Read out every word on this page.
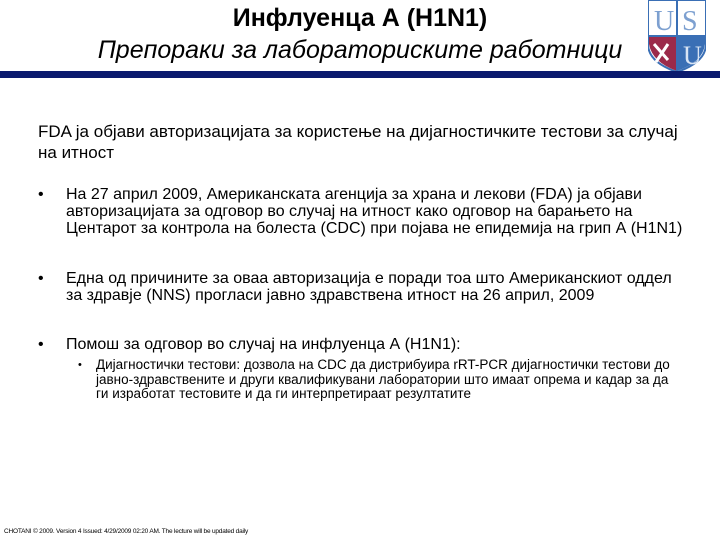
Инфлуенца А (H1N1)
Препораки за лабораториските работници
U S
U
FDA ја објави авторизацијата за користење на дијагностичките тестови за случај на итност
• На 27 април 2009, Американската агенција за храна и лекови (FDA) ја објави авторизацијата за одговор во случај на итност како одговор на барањето на Центарот за контрола на болеста (CDC) при појава не епидемија на грип А (H1N1)
• Една од причините за оваа авторизација е поради тоа што Американскиот оддел за здравје (NNS) прогласи јавно здравствена итност на 26 април, 2009
• Помош за одговор во случај на инфлуенца А (H1N1):
• Дијагностички тестови: дозвола на CDC да дистрибуира rRT-PCR дијагностички тестови до јавно-здравствените и други квалификувани лаборатории што имаат опрема и кадар за да ги изработат тестовите и да ги интерпретираат резултатите
CHOTANI © 2009. Version 4 Issued: 4/29/2009 02:20 AM. The lecture will be updated daily
